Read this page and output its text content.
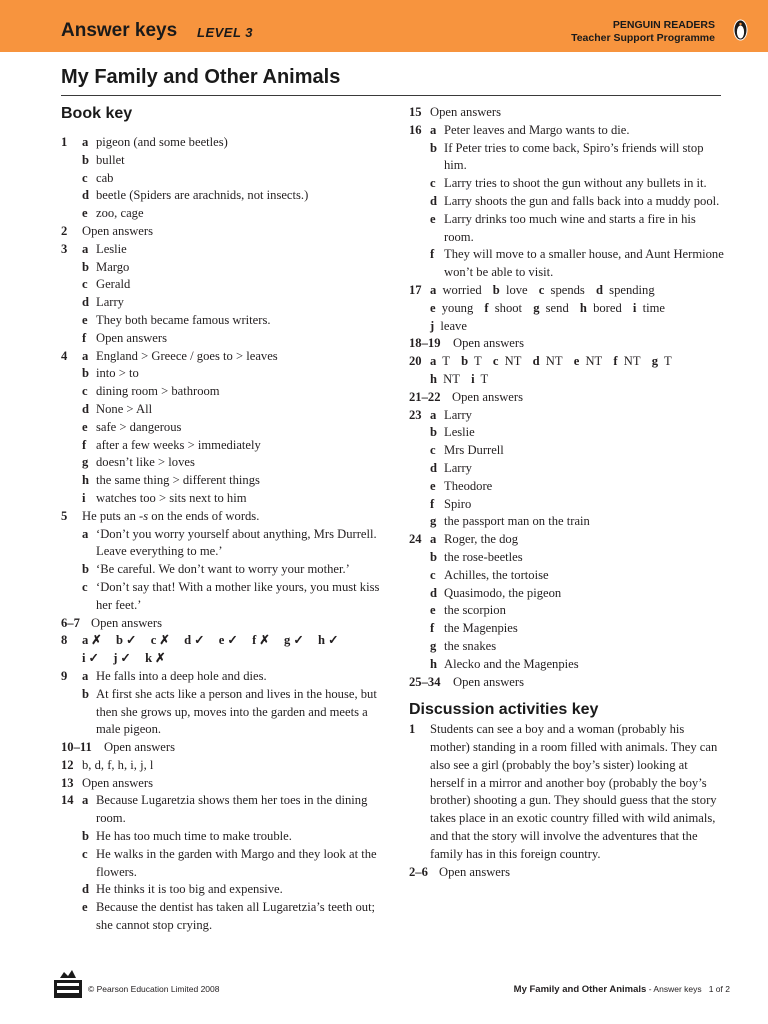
Answer keys LEVEL 3	PENGUIN READERS
Teacher Support Programme
My Family and Other Animals
Book key
1 a pigeon (and some beetles)
b bullet
c cab
d beetle (Spiders are arachnids, not insects.)
e zoo, cage
2	Open answers
3 a Leslie
b Margo
c Gerald
d Larry
e They both became famous writers.
f Open answers
4 a England > Greece / goes to > leaves
b into > to
c dining room > bathroom
d None > All
e safe > dangerous
f after a few weeks > immediately
g doesn’t like > loves
h the same thing > different things
i watches too > sits next to him
5	He puts an -s on the ends of words.
a ‘Don’t you worry yourself about anything, Mrs Durrell. Leave everything to me.’
b ‘Be careful. We don’t want to worry your mother.’
c ‘Don’t say that! With a mother like yours, you must kiss her feet.’
6–7 Open answers
8	a ✗ b ✓ c ✗ d ✓ e ✓ f ✗ g ✓ h ✓
i ✓ j ✓ k ✗
9 a He falls into a deep hole and dies.
b At first she acts like a person and lives in the house, but then she grows up, moves into the garden and meets a male pigeon.
10–11 Open answers
12 b, d, f, h, i, j, l
13 Open answers
14 a Because Lugaretzia shows them her toes in the dining room.
b He has too much time to make trouble.
c He walks in the garden with Margo and they look at the flowers.
d He thinks it is too big and expensive.
e Because the dentist has taken all Lugaretzia’s teeth out; she cannot stop crying.
15 Open answers
16 a Peter leaves and Margo wants to die.
b If Peter tries to come back, Spiro’s friends will stop him.
c Larry tries to shoot the gun without any bullets in it.
d Larry shoots the gun and falls back into a muddy pool.
e Larry drinks too much wine and starts a fire in his room.
f They will move to a smaller house, and Aunt Hermione won’t be able to visit.
17 a worried b love c spends d spending
e young f shoot g send h bored i time
j leave
18–19 Open answers
20 a T b T c NT d NT e NT f NT g T
h NT i T
21–22 Open answers
23 a Larry
b Leslie
c Mrs Durrell
d Larry
e Theodore
f Spiro
g the passport man on the train
24 a Roger, the dog
b the rose-beetles
c Achilles, the tortoise
d Quasimodo, the pigeon
e the scorpion
f the Magenpies
g the snakes
h Alecko and the Magenpies
25–34 Open answers
Discussion activities key
1	Students can see a boy and a woman (probably his mother) standing in a room filled with animals. They can also see a girl (probably the boy’s sister) looking at herself in a mirror and another boy (probably the boy’s brother) shooting a gun. They should guess that the story takes place in an exotic country filled with wild animals, and that the story will involve the adventures that the family has in this foreign country.
2–6 Open answers
© Pearson Education Limited 2008	My Family and Other Animals - Answer keys 1 of 2
